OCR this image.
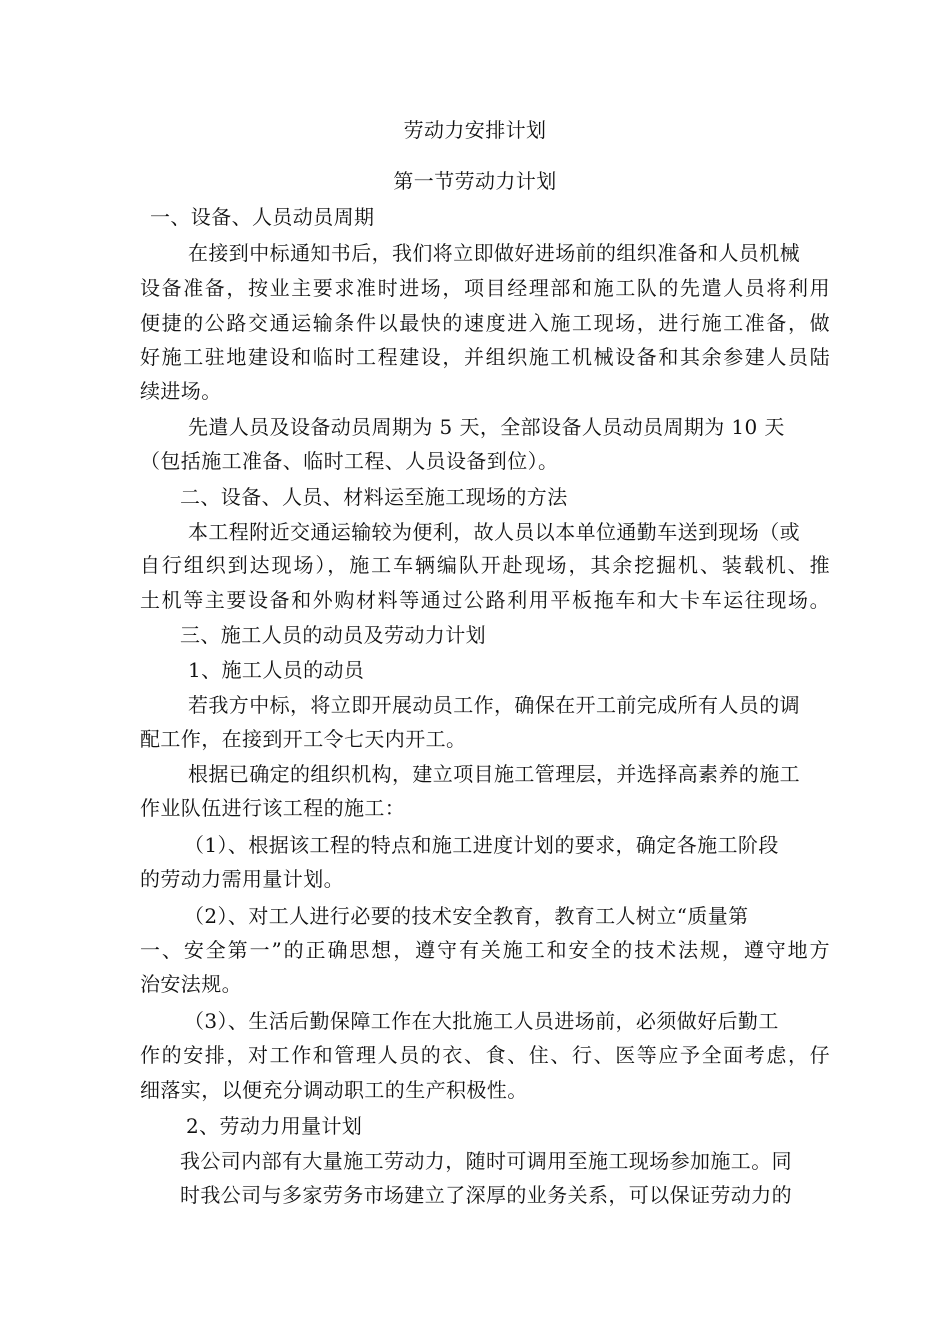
劳动力安排计划
第一节劳动力计划
一、设备、人员动员周期
在接到中标通知书后，我们将立即做好进场前的组织准备和人员机械
设备准备，按业主要求准时进场，项目经理部和施工队的先遣人员将利用
便捷的公路交通运输条件以最快的速度进入施工现场，进行施工准备，做
好施工驻地建设和临时工程建设，并组织施工机械设备和其余参建人员陆
续进场。
先遣人员及设备动员周期为 5 天，全部设备人员动员周期为 10 天
（包括施工准备、临时工程、人员设备到位）。
二、设备、人员、材料运至施工现场的方法
本工程附近交通运输较为便利，故人员以本单位通勤车送到现场（或
自行组织到达现场），施工车辆编队开赴现场，其余挖掘机、装载机、推
土机等主要设备和外购材料等通过公路利用平板拖车和大卡车运往现场。
三、施工人员的动员及劳动力计划
1、施工人员的动员
若我方中标，将立即开展动员工作，确保在开工前完成所有人员的调
配工作，在接到开工令七天内开工。
根据已确定的组织机构，建立项目施工管理层，并选择高素养的施工
作业队伍进行该工程的施工：
（1）、根据该工程的特点和施工进度计划的要求，确定各施工阶段
的劳动力需用量计划。
（2）、对工人进行必要的技术安全教育，教育工人树立“质量第
一、安全第一”的正确思想，遵守有关施工和安全的技术法规，遵守地方
治安法规。
（3）、生活后勤保障工作在大批施工人员进场前，必须做好后勤工
作的安排，对工作和管理人员的衣、食、住、行、医等应予全面考虑，仔
细落实，以便充分调动职工的生产积极性。
2、劳动力用量计划
我公司内部有大量施工劳动力，随时可调用至施工现场参加施工。同
时我公司与多家劳务市场建立了深厚的业务关系，可以保证劳动力的
